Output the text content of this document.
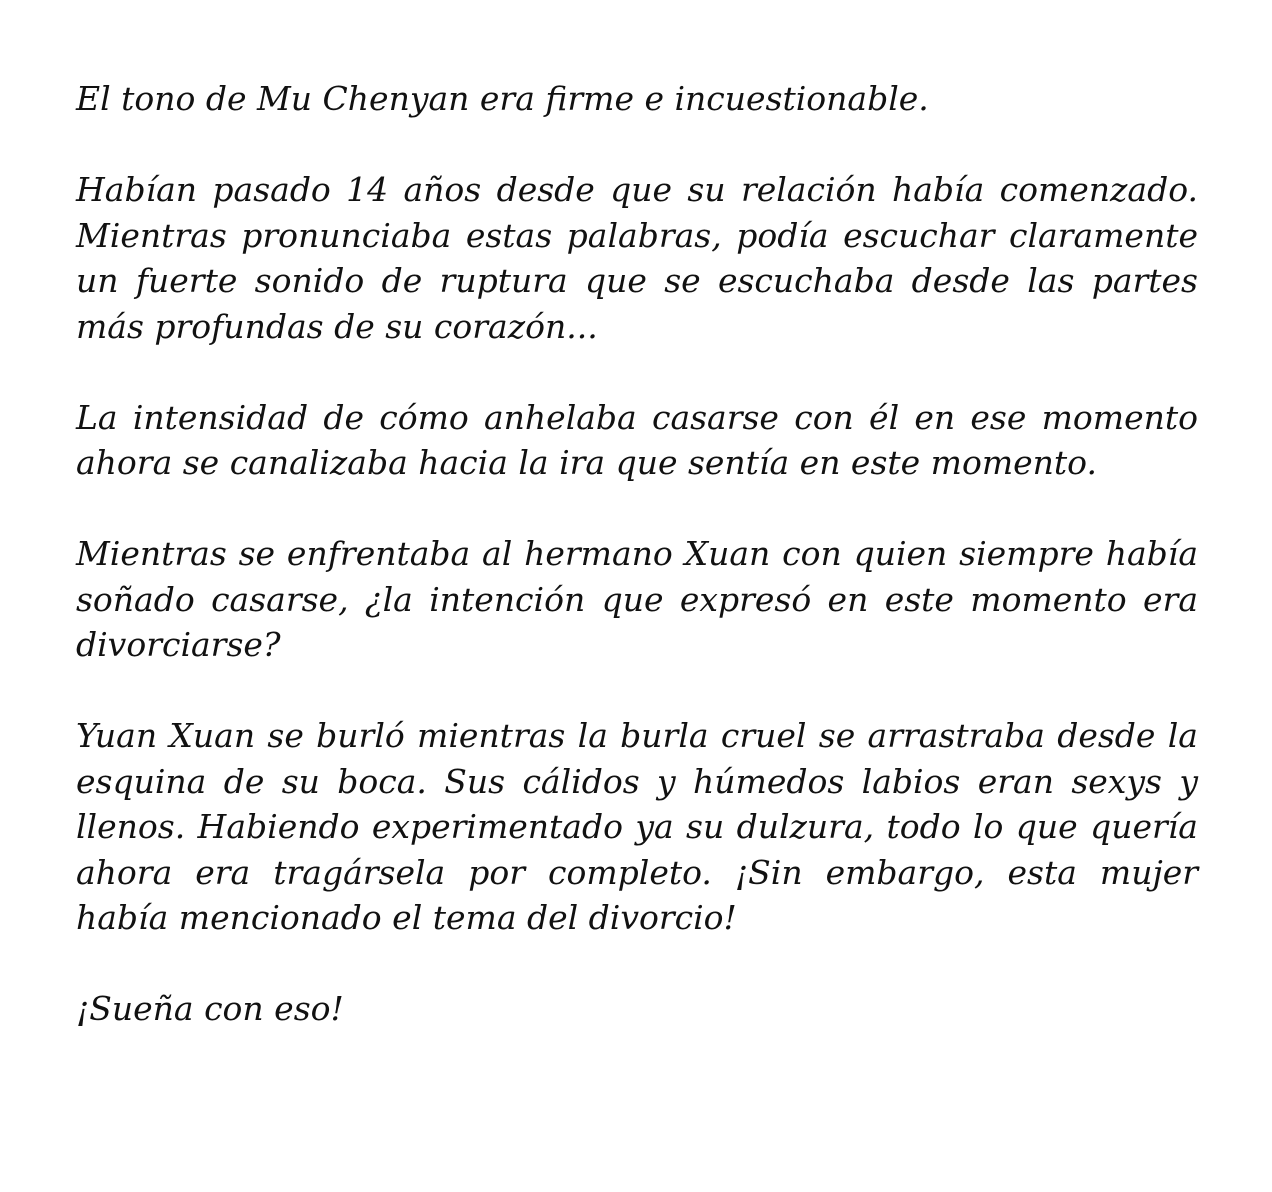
El tono de Mu Chenyan era firme e incuestionable.

Habían pasado 14 años desde que su relación había comenzado. Mientras pronunciaba estas palabras, podía escuchar claramente un fuerte sonido de ruptura que se escuchaba desde las partes más profundas de su corazón...

La intensidad de cómo anhelaba casarse con él en ese momento ahora se canalizaba hacia la ira que sentía en este momento.

Mientras se enfrentaba al hermano Xuan con quien siempre había soñado casarse, ¿la intención que expresó en este momento era divorciarse?

Yuan Xuan se burló mientras la burla cruel se arrastraba desde la esquina de su boca. Sus cálidos y húmedos labios eran sexys y llenos. Habiendo experimentado ya su dulzura, todo lo que quería ahora era tragársela por completo. ¡Sin embargo, esta mujer había mencionado el tema del divorcio!

¡Sueña con eso!
